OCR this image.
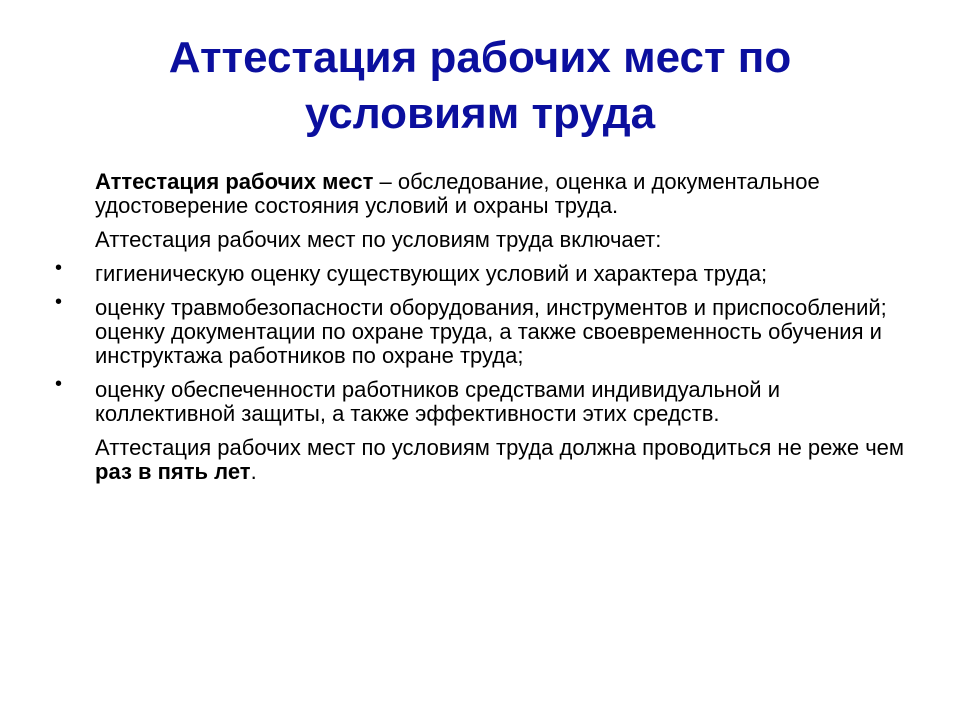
Аттестация рабочих мест по условиям труда

Аттестация рабочих мест – обследование, оценка и документальное удостоверение состояния условий и охраны труда.

Аттестация рабочих мест по условиям труда включает:

• гигиеническую оценку существующих условий и характера труда;

• оценку травмобезопасности оборудования, инструментов и приспособлений; оценку документации по охране труда, а также своевременность обучения и инструктажа работников по охране труда;

• оценку обеспеченности работников средствами индивидуальной и коллективной защиты, а также эффективности этих средств.

Аттестация рабочих мест по условиям труда должна проводиться не реже чем раз в пять лет.
